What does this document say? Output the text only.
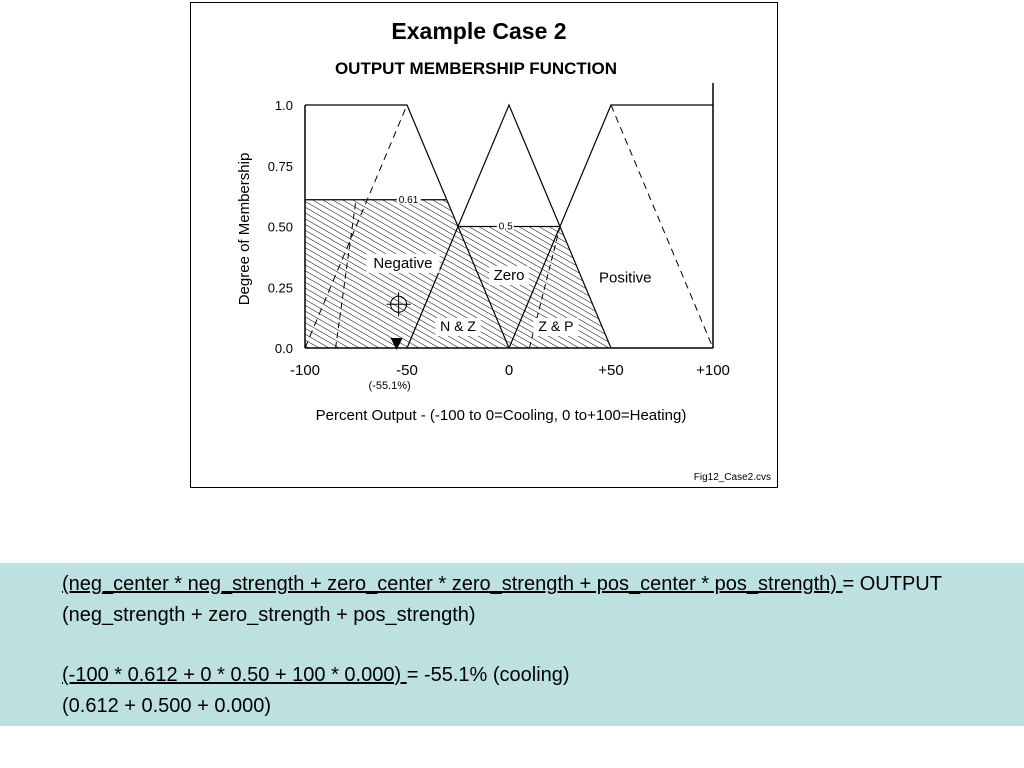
Example Case 2
OUTPUT MEMBERSHIP FUNCTION
Degree of Membership
Percent Output - (-100 to 0=Cooling, 0 to+100=Heating)
Fig12_Case2.cvs
0.61
0.5
Negative
Zero	Positive
N & Z	Z & P
0.0
0.25
0.50
0.75
1.0
-100	-50	0	+50	+100
(-55.1%)
(neg_center * neg_strength + zero_center * zero_strength + pos_center * pos_strength) = OUTPUT
(neg_strength + zero_strength + pos_strength)
(-100 * 0.612 + 0 * 0.50 + 100 * 0.000) = -55.1% (cooling)
(0.612 + 0.500 + 0.000)
